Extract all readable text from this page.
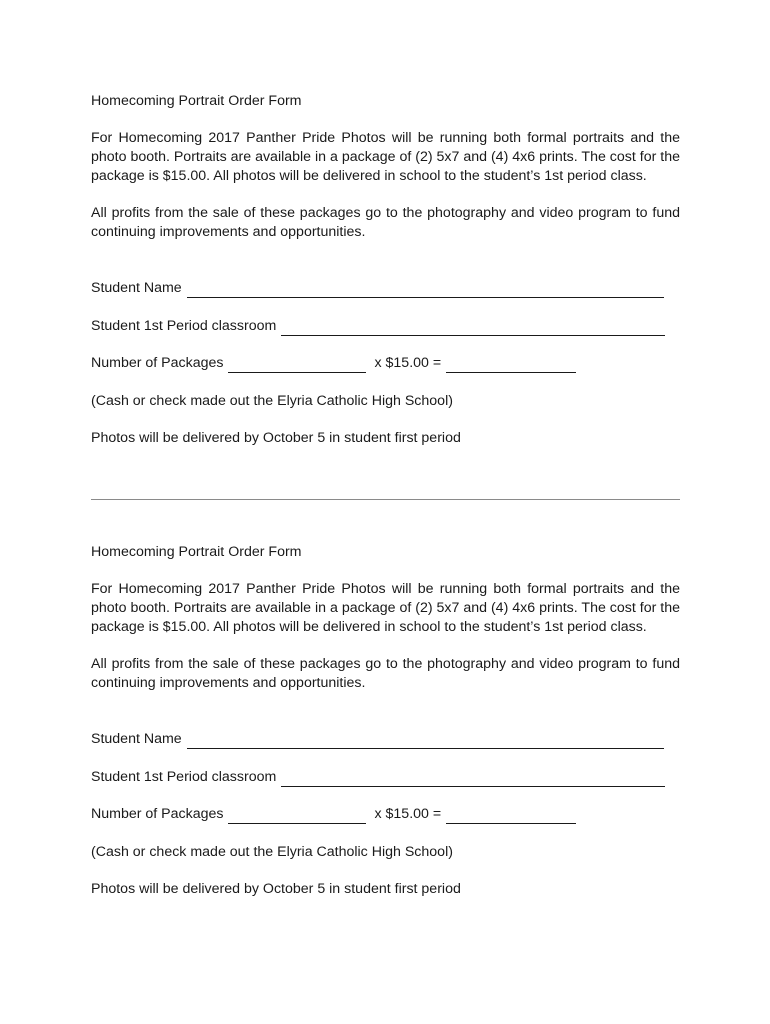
Homecoming Portrait Order Form

For Homecoming 2017 Panther Pride Photos will be running both formal portraits and the photo booth. Portraits are available in a package of (2) 5x7 and (4) 4x6 prints. The cost for the package is $15.00. All photos will be delivered in school to the student’s 1st period class.

All profits from the sale of these packages go to the photography and video program to fund continuing improvements and opportunities.

Student Name
Student 1st Period classroom
Number of Packages	x $15.00 =
(Cash or check made out the Elyria Catholic High School)
Photos will be delivered by October 5 in student first period

Homecoming Portrait Order Form

For Homecoming 2017 Panther Pride Photos will be running both formal portraits and the photo booth. Portraits are available in a package of (2) 5x7 and (4) 4x6 prints. The cost for the package is $15.00. All photos will be delivered in school to the student’s 1st period class.

All profits from the sale of these packages go to the photography and video program to fund continuing improvements and opportunities.

Student Name
Student 1st Period classroom
Number of Packages	x $15.00 =
(Cash or check made out the Elyria Catholic High School)
Photos will be delivered by October 5 in student first period
